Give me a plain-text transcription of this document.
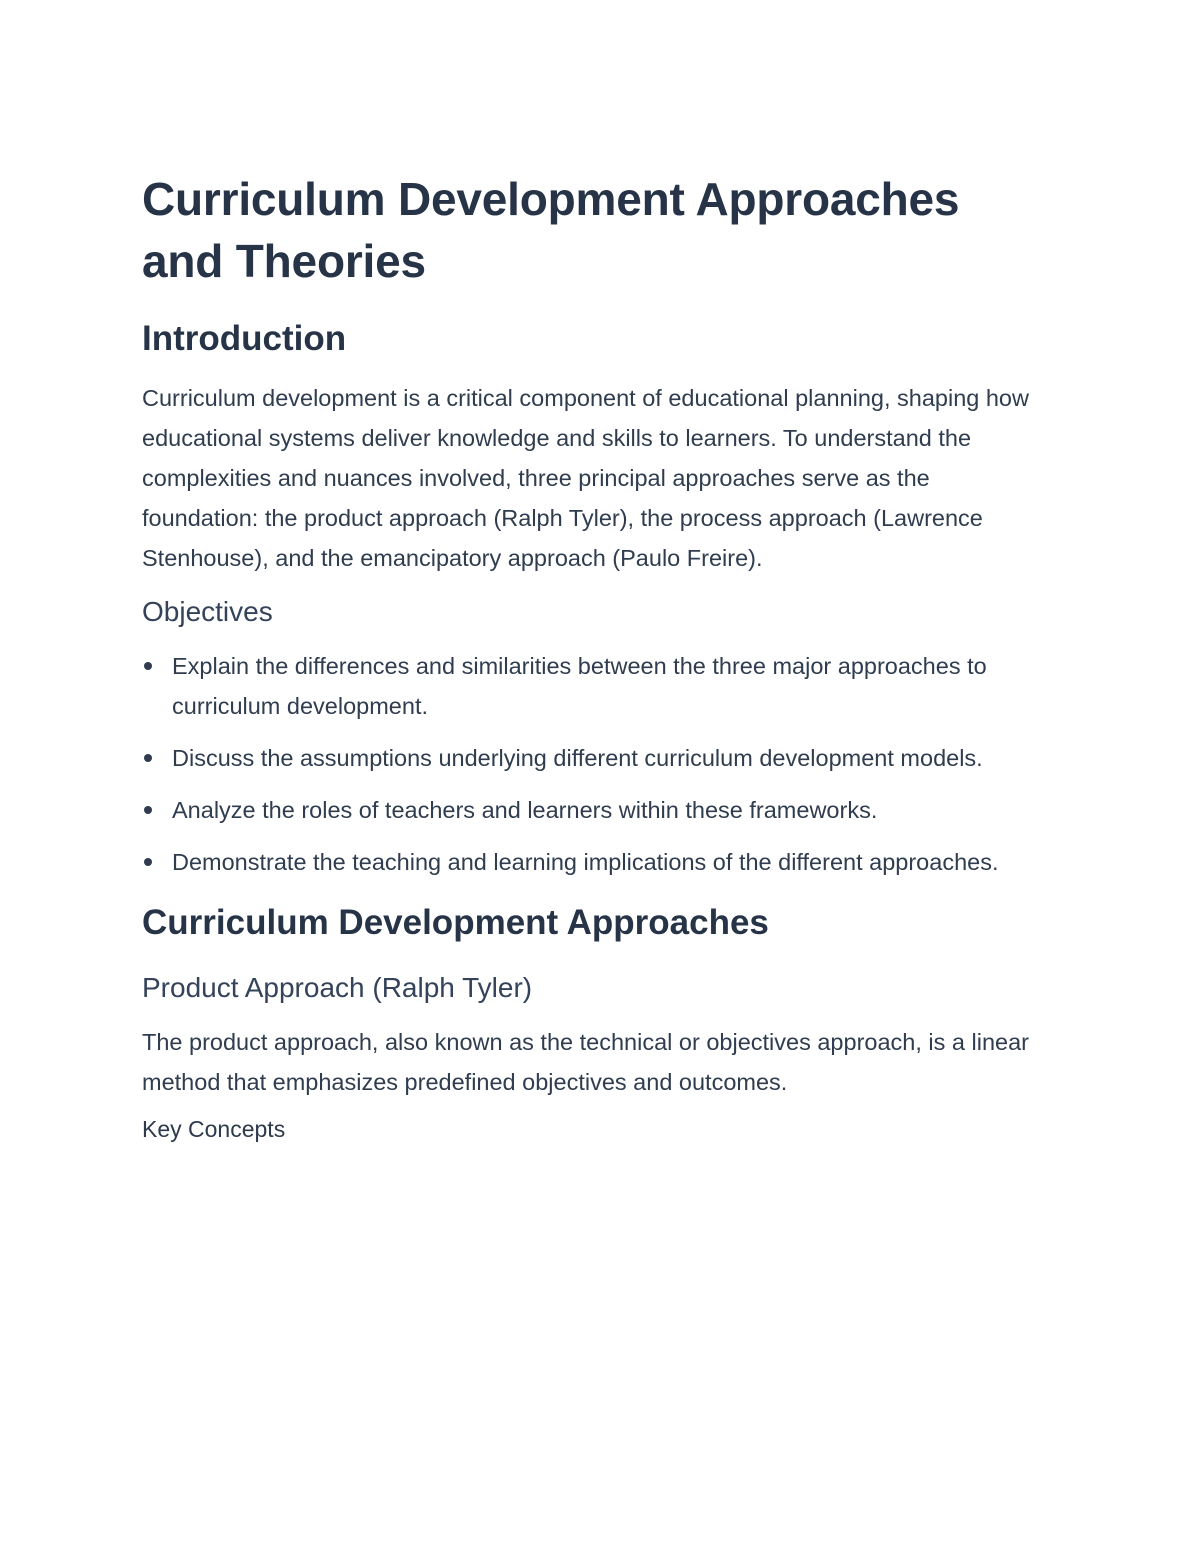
Curriculum Development Approaches and Theories
Introduction

Curriculum development is a critical component of educational planning, shaping how educational systems deliver knowledge and skills to learners. To understand the complexities and nuances involved, three principal approaches serve as the foundation: the product approach (Ralph Tyler), the process approach (Lawrence Stenhouse), and the emancipatory approach (Paulo Freire).

Objectives
Explain the differences and similarities between the three major approaches to curriculum development.
Discuss the assumptions underlying different curriculum development models.
Analyze the roles of teachers and learners within these frameworks.
Demonstrate the teaching and learning implications of the different approaches.
Curriculum Development Approaches
Product Approach (Ralph Tyler)

The product approach, also known as the technical or objectives approach, is a linear method that emphasizes predefined objectives and outcomes.

Key Concepts
